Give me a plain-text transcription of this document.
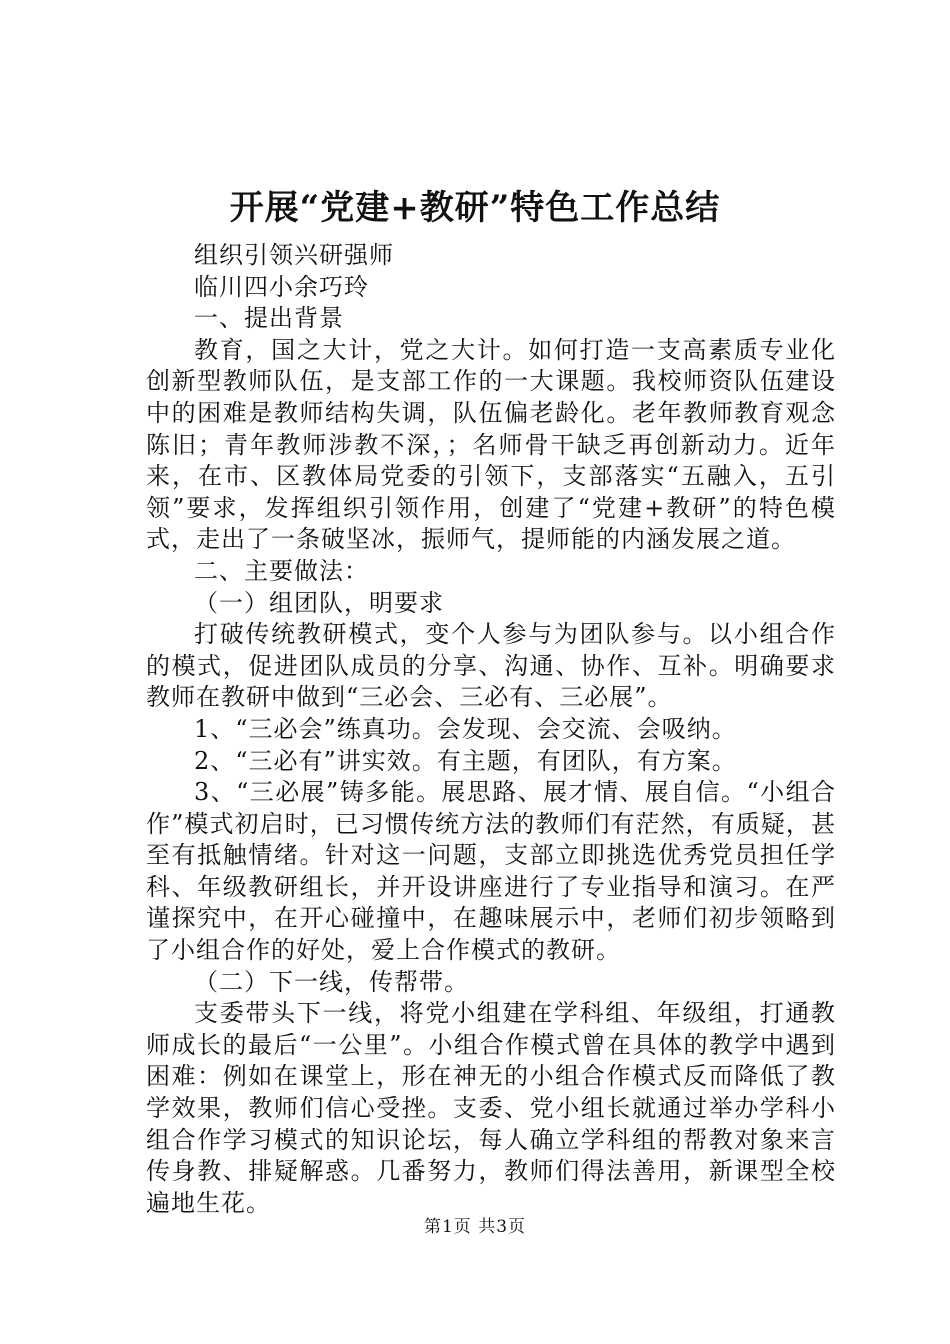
开展“党建+教研”特色工作总结

组织引领兴研强师

临川四小余巧玲

一、提出背景

教育，国之大计，党之大计。如何打造一支高素质专业化创新型教师队伍，是支部工作的一大课题。我校师资队伍建设中的困难是教师结构失调，队伍偏老龄化。老年教师教育观念陈旧；青年教师涉教不深，；名师骨干缺乏再创新动力。近年来，在市、区教体局党委的引领下，支部落实“五融入，五引领”要求，发挥组织引领作用，创建了“党建+教研”的特色模式，走出了一条破坚冰，振师气，提师能的内涵发展之道。

二、主要做法：

（一）组团队，明要求

打破传统教研模式，变个人参与为团队参与。以小组合作的模式，促进团队成员的分享、沟通、协作、互补。明确要求教师在教研中做到“三必会、三必有、三必展”。

1、“三必会”练真功。会发现、会交流、会吸纳。

2、“三必有”讲实效。有主题，有团队，有方案。

3、“三必展”铸多能。展思路、展才情、展自信。“小组合作”模式初启时，已习惯传统方法的教师们有茫然，有质疑，甚至有抵触情绪。针对这一问题，支部立即挑选优秀党员担任学科、年级教研组长，并开设讲座进行了专业指导和演习。在严谨探究中，在开心碰撞中，在趣味展示中，老师们初步领略到了小组合作的好处，爱上合作模式的教研。

（二）下一线，传帮带。

支委带头下一线，将党小组建在学科组、年级组，打通教师成长的最后“一公里”。小组合作模式曾在具体的教学中遇到困难：例如在课堂上，形在神无的小组合作模式反而降低了教学效果，教师们信心受挫。支委、党小组长就通过举办学科小组合作学习模式的知识论坛，每人确立学科组的帮教对象来言传身教、排疑解惑。几番努力，教师们得法善用，新课型全校遍地生花。

第1页 共3页
